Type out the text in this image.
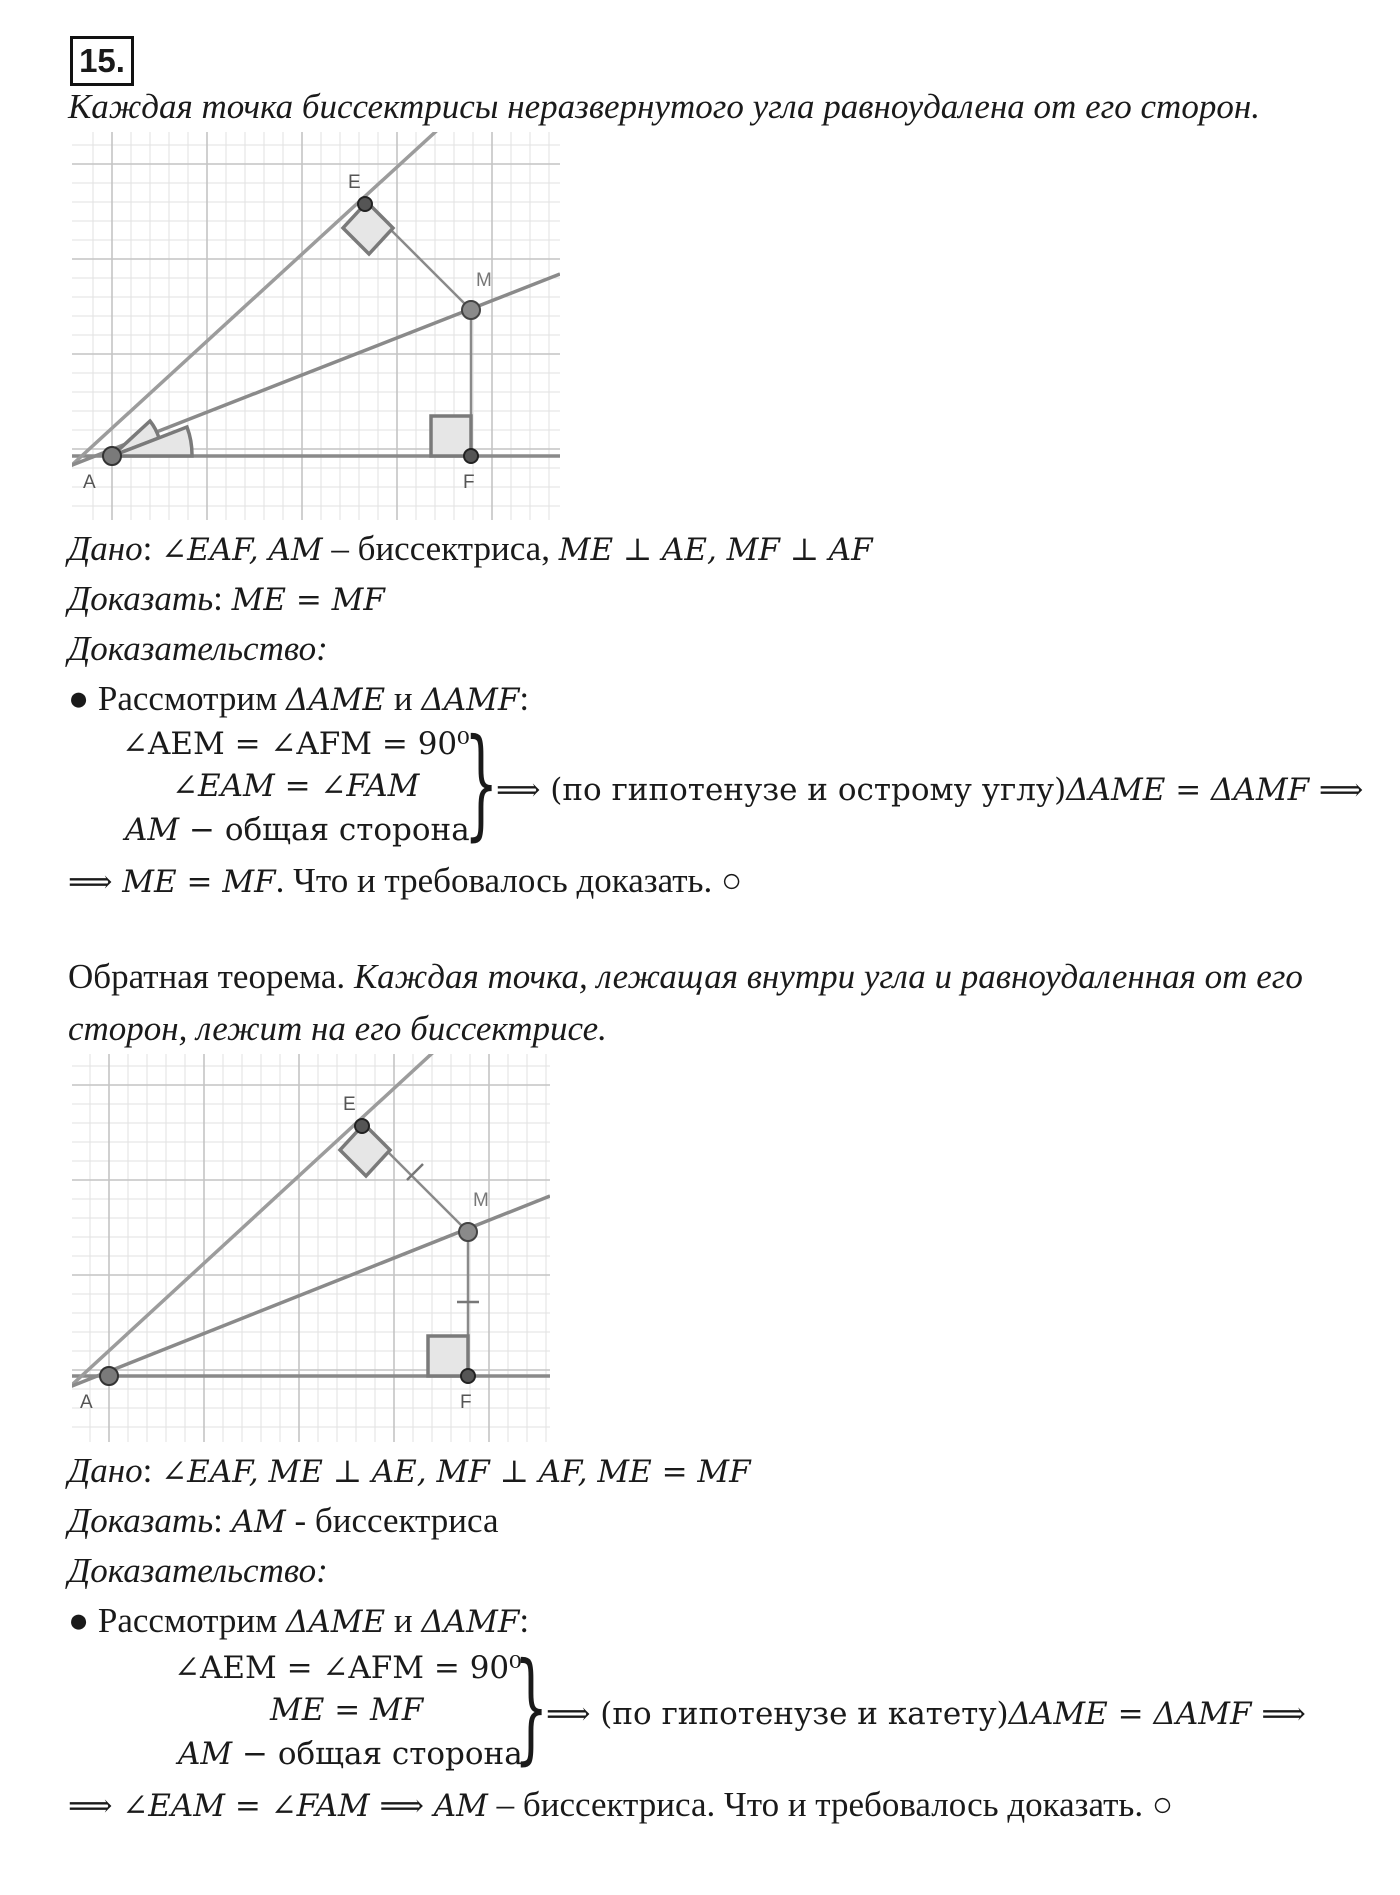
15.
Каждая точка биссектрисы неразвернутого угла равноудалена от его сторон.
A
E
M
F
Дано: ∠EAF, AM – биссектриса, ME ⊥ AE, MF ⊥ AF
Доказать: ME = MF
Доказательство:
● Рассмотрим ΔAME и ΔAMF:
∠AEM = ∠AFM = 90⁰
∠EAM = ∠FAM
AM − общая сторона
}
⟹ (по гипотенузе и острому углу)ΔAME = ΔAMF ⟹
⟹ ME = MF. Что и требовалось доказать. ○
Обратная теорема. Каждая точка, лежащая внутри угла и равноудаленная от его
сторон, лежит на его биссектрисе.
A
E
M
F
Дано: ∠EAF, ME ⊥ AE, MF ⊥ AF, ME = MF
Доказать: AM - биссектриса
Доказательство:
● Рассмотрим ΔAME и ΔAMF:
∠AEM = ∠AFM = 90⁰
ME = MF
AM − общая сторона
}
⟹ (по гипотенузе и катету)ΔAME = ΔAMF ⟹
⟹ ∠EAM = ∠FAM ⟹ AM – биссектриса. Что и требовалось доказать. ○
